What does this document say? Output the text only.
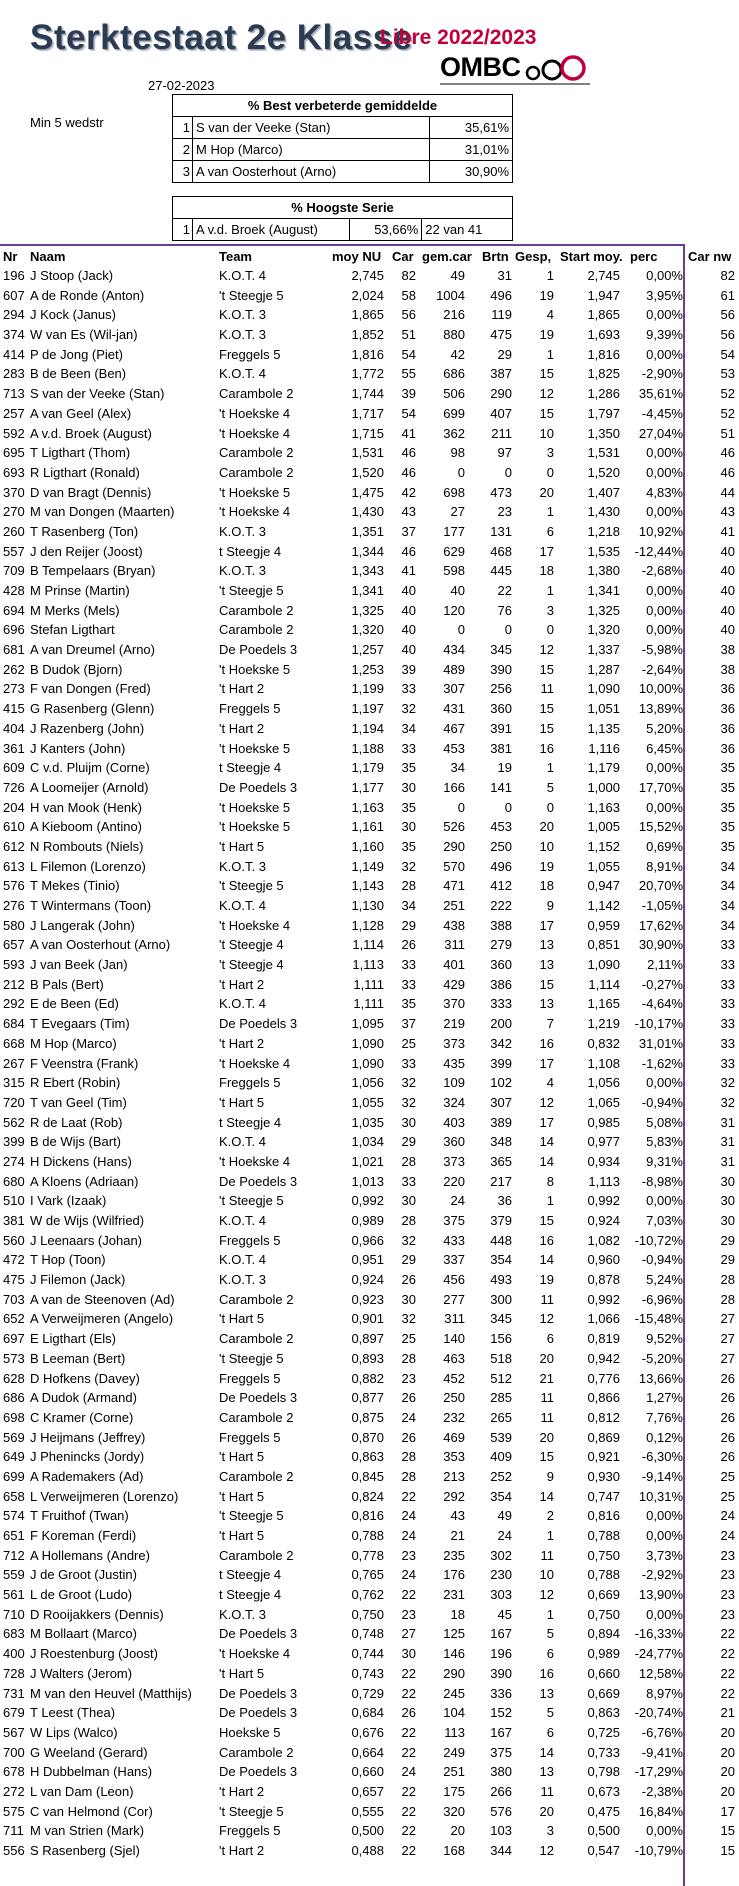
Sterktestaat 2e Klasse
Libre 2022/2023
OMBC
27-02-2023
Min 5 wedstr
% Best verbeterde gemiddelde		
1	S van der Veeke (Stan)	35,61%
2	M Hop (Marco)	31,01%
3	A van Oosterhout (Arno)	30,90%
% Hoogste Serie
1	A v.d. Broek (August)	53,66%	22 van 41
Nr Naam	Team	moy NU Car gem.car Brtn Gesp, Start moy. perc Car nw
196 J Stoop (Jack)	K.O.T. 4	2,745	82	49	31	1	2,745	0,00%	82
607 A de Ronde (Anton)	't Steegje 5	2,024	58	1004	496	19	1,947	3,95%	61
294 J Kock (Janus)	K.O.T. 3	1,865	56	216	119	4	1,865	0,00%	56
374 W van Es (Wil-jan)	K.O.T. 3	1,852	51	880	475	19	1,693	9,39%	56
414 P de Jong (Piet)	Freggels 5	1,816	54	42	29	1	1,816	0,00%	54
283 B de Been (Ben)	K.O.T. 4	1,772	55	686	387	15	1,825	-2,90%	53
713 S van der Veeke (Stan)	Carambole 2	1,744	39	506	290	12	1,286	35,61%	52
257 A van Geel (Alex)	't Hoekske 4	1,717	54	699	407	15	1,797	-4,45%	52
592 A v.d. Broek (August)	't Hoekske 4	1,715	41	362	211	10	1,350	27,04%	51
695 T Ligthart (Thom)	Carambole 2	1,531	46	98	97	3	1,531	0,00%	46
693 R Ligthart (Ronald)	Carambole 2	1,520	46	0	0	0	1,520	0,00%	46
370 D van Bragt (Dennis)	't Hoekske 5	1,475	42	698	473	20	1,407	4,83%	44
270 M van Dongen (Maarten)	't Hoekske 4	1,430	43	27	23	1	1,430	0,00%	43
260 T Rasenberg (Ton)	K.O.T. 3	1,351	37	177	131	6	1,218	10,92%	41
557 J den Reijer (Joost)	t Steegje 4	1,344	46	629	468	17	1,535	-12,44%	40
709 B Tempelaars (Bryan)	K.O.T. 3	1,343	41	598	445	18	1,380	-2,68%	40
428 M Prinse (Martin)	't Steegje 5	1,341	40	40	22	1	1,341	0,00%	40
694 M Merks (Mels)	Carambole 2	1,325	40	120	76	3	1,325	0,00%	40
696 Stefan Ligthart	Carambole 2	1,320	40	0	0	0	1,320	0,00%	40
681 A van Dreumel (Arno)	De Poedels 3	1,257	40	434	345	12	1,337	-5,98%	38
262 B Dudok (Bjorn)	't Hoekske 5	1,253	39	489	390	15	1,287	-2,64%	38
273 F van Dongen (Fred)	't Hart 2	1,199	33	307	256	11	1,090	10,00%	36
415 G Rasenberg (Glenn)	Freggels 5	1,197	32	431	360	15	1,051	13,89%	36
404 J Razenberg (John)	't Hart 2	1,194	34	467	391	15	1,135	5,20%	36
361 J Kanters (John)	't Hoekske 5	1,188	33	453	381	16	1,116	6,45%	36
609 C v.d. Pluijm (Corne)	t Steegje 4	1,179	35	34	19	1	1,179	0,00%	35
726 A Loomeijer (Arnold)	De Poedels 3	1,177	30	166	141	5	1,000	17,70%	35
204 H van Mook (Henk)	't Hoekske 5	1,163	35	0	0	0	1,163	0,00%	35
610 A Kieboom (Antino)	't Hoekske 5	1,161	30	526	453	20	1,005	15,52%	35
612 N Rombouts (Niels)	't Hart 5	1,160	35	290	250	10	1,152	0,69%	35
613 L Filemon (Lorenzo)	K.O.T. 3	1,149	32	570	496	19	1,055	8,91%	34
576 T Mekes (Tinio)	't Steegje 5	1,143	28	471	412	18	0,947	20,70%	34
276 T Wintermans (Toon)	K.O.T. 4	1,130	34	251	222	9	1,142	-1,05%	34
580 J Langerak (John)	't Hoekske 4	1,128	29	438	388	17	0,959	17,62%	34
657 A van Oosterhout (Arno)	't Steegje 4	1,114	26	311	279	13	0,851	30,90%	33
593 J van Beek (Jan)	't Steegje 4	1,113	33	401	360	13	1,090	2,11%	33
212 B Pals (Bert)	't Hart 2	1,111	33	429	386	15	1,114	-0,27%	33
292 E de Been (Ed)	K.O.T. 4	1,111	35	370	333	13	1,165	-4,64%	33
684 T Evegaars (Tim)	De Poedels 3	1,095	37	219	200	7	1,219	-10,17%	33
668 M Hop (Marco)	't Hart 2	1,090	25	373	342	16	0,832	31,01%	33
267 F Veenstra (Frank)	't Hoekske 4	1,090	33	435	399	17	1,108	-1,62%	33
315 R Ebert (Robin)	Freggels 5	1,056	32	109	102	4	1,056	0,00%	32
720 T van Geel (Tim)	't Hart 5	1,055	32	324	307	12	1,065	-0,94%	32
562 R de Laat (Rob)	t Steegje 4	1,035	30	403	389	17	0,985	5,08%	31
399 B de Wijs (Bart)	K.O.T. 4	1,034	29	360	348	14	0,977	5,83%	31
274 H Dickens (Hans)	't Hoekske 4	1,021	28	373	365	14	0,934	9,31%	31
680 A Kloens (Adriaan)	De Poedels 3	1,013	33	220	217	8	1,113	-8,98%	30
510 I Vark (Izaak)	't Steegje 5	0,992	30	24	36	1	0,992	0,00%	30
381 W de Wijs (Wilfried)	K.O.T. 4	0,989	28	375	379	15	0,924	7,03%	30
560 J Leenaars (Johan)	Freggels 5	0,966	32	433	448	16	1,082	-10,72%	29
472 T Hop (Toon)	K.O.T. 4	0,951	29	337	354	14	0,960	-0,94%	29
475 J Filemon (Jack)	K.O.T. 3	0,924	26	456	493	19	0,878	5,24%	28
703 A van de Steenoven (Ad)	Carambole 2	0,923	30	277	300	11	0,992	-6,96%	28
652 A Verweijmeren (Angelo)	't Hart 5	0,901	32	311	345	12	1,066	-15,48%	27
697 E Ligthart (Els)	Carambole 2	0,897	25	140	156	6	0,819	9,52%	27
573 B Leeman (Bert)	't Steegje 5	0,893	28	463	518	20	0,942	-5,20%	27
628 D Hofkens (Davey)	Freggels 5	0,882	23	452	512	21	0,776	13,66%	26
686 A Dudok (Armand)	De Poedels 3	0,877	26	250	285	11	0,866	1,27%	26
698 C Kramer (Corne)	Carambole 2	0,875	24	232	265	11	0,812	7,76%	26
569 J Heijmans (Jeffrey)	Freggels 5	0,870	26	469	539	20	0,869	0,12%	26
649 J Phenincks (Jordy)	't Hart 5	0,863	28	353	409	15	0,921	-6,30%	26
699 A Rademakers (Ad)	Carambole 2	0,845	28	213	252	9	0,930	-9,14%	25
658 L Verweijmeren (Lorenzo)	't Hart 5	0,824	22	292	354	14	0,747	10,31%	25
574 T Fruithof (Twan)	't Steegje 5	0,816	24	43	49	2	0,816	0,00%	24
651 F Koreman (Ferdi)	't Hart 5	0,788	24	21	24	1	0,788	0,00%	24
712 A Hollemans (Andre)	Carambole 2	0,778	23	235	302	11	0,750	3,73%	23
559 J de Groot (Justin)	t Steegje 4	0,765	24	176	230	10	0,788	-2,92%	23
561 L de Groot (Ludo)	t Steegje 4	0,762	22	231	303	12	0,669	13,90%	23
710 D Rooijakkers (Dennis)	K.O.T. 3	0,750	23	18	45	1	0,750	0,00%	23
683 M Bollaart (Marco)	De Poedels 3	0,748	27	125	167	5	0,894	-16,33%	22
400 J Roestenburg (Joost)	't Hoekske 4	0,744	30	146	196	6	0,989	-24,77%	22
728 J Walters (Jerom)	't Hart 5	0,743	22	290	390	16	0,660	12,58%	22
731 M van den Heuvel (Matthijs)	De Poedels 3	0,729	22	245	336	13	0,669	8,97%	22
679 T Leest (Thea)	De Poedels 3	0,684	26	104	152	5	0,863	-20,74%	21
567 W Lips (Walco)	Hoekske 5	0,676	22	113	167	6	0,725	-6,76%	20
700 G Weeland (Gerard)	Carambole 2	0,664	22	249	375	14	0,733	-9,41%	20
678 H Dubbelman (Hans)	De Poedels 3	0,660	24	251	380	13	0,798	-17,29%	20
272 L van Dam (Leon)	't Hart 2	0,657	22	175	266	11	0,673	-2,38%	20
575 C van Helmond (Cor)	't Steegje 5	0,555	22	320	576	20	0,475	16,84%	17
711 M van Strien (Mark)	Freggels 5	0,500	22	20	103	3	0,500	0,00%	15
556 S Rasenberg (Sjel)	't Hart 2	0,488	22	168	344	12	0,547	-10,79%	15
